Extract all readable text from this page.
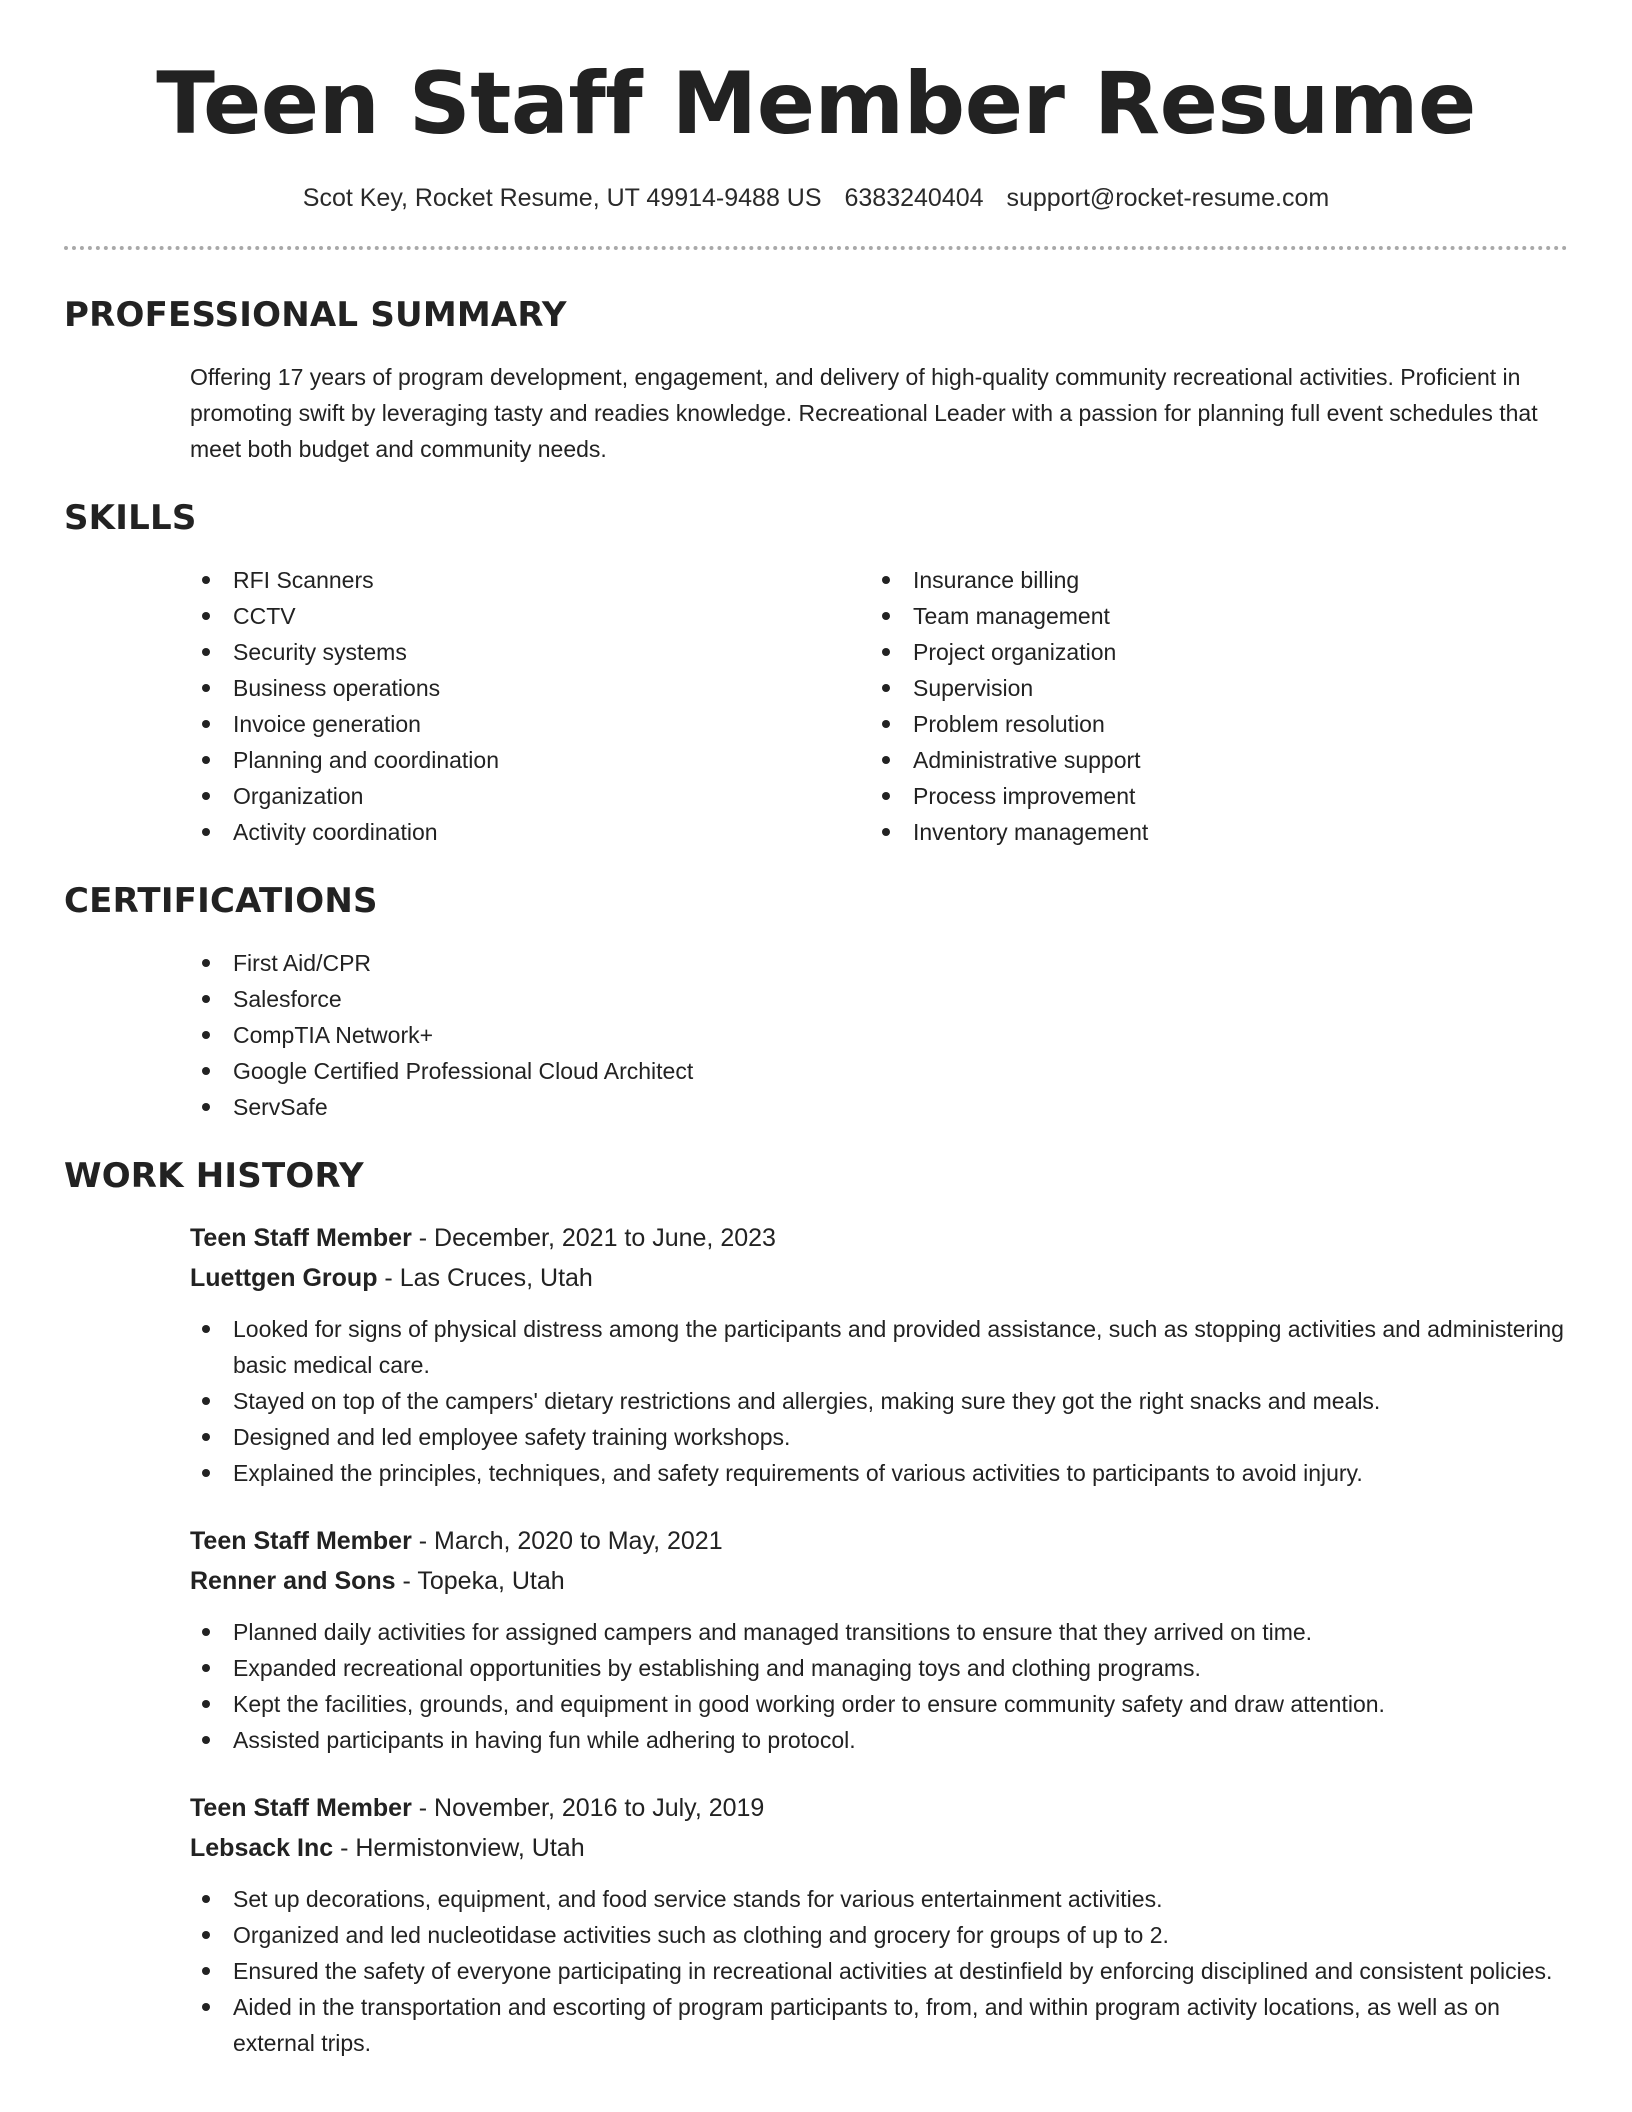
Teen Staff Member Resume
Scot Key, Rocket Resume, UT 49914-9488 US 6383240404 support@rocket-resume.com
PROFESSIONAL SUMMARY
Offering 17 years of program development, engagement, and delivery of high-quality community recreational activities. Proficient in promoting swift by leveraging tasty and readies knowledge. Recreational Leader with a passion for planning full event schedules that meet both budget and community needs.
SKILLS
RFI Scanners
CCTV
Security systems
Business operations
Invoice generation
Planning and coordination
Organization
Activity coordination
Insurance billing
Team management
Project organization
Supervision
Problem resolution
Administrative support
Process improvement
Inventory management
CERTIFICATIONS
First Aid/CPR
Salesforce
CompTIA Network+
Google Certified Professional Cloud Architect
ServSafe
WORK HISTORY
Teen Staff Member - December, 2021 to June, 2023
Luettgen Group - Las Cruces, Utah
Looked for signs of physical distress among the participants and provided assistance, such as stopping activities and administering basic medical care.
Stayed on top of the campers' dietary restrictions and allergies, making sure they got the right snacks and meals.
Designed and led employee safety training workshops.
Explained the principles, techniques, and safety requirements of various activities to participants to avoid injury.
Teen Staff Member - March, 2020 to May, 2021
Renner and Sons - Topeka, Utah
Planned daily activities for assigned campers and managed transitions to ensure that they arrived on time.
Expanded recreational opportunities by establishing and managing toys and clothing programs.
Kept the facilities, grounds, and equipment in good working order to ensure community safety and draw attention.
Assisted participants in having fun while adhering to protocol.
Teen Staff Member - November, 2016 to July, 2019
Lebsack Inc - Hermistonview, Utah
Set up decorations, equipment, and food service stands for various entertainment activities.
Organized and led nucleotidase activities such as clothing and grocery for groups of up to 2.
Ensured the safety of everyone participating in recreational activities at destinfield by enforcing disciplined and consistent policies.
Aided in the transportation and escorting of program participants to, from, and within program activity locations, as well as on external trips.
